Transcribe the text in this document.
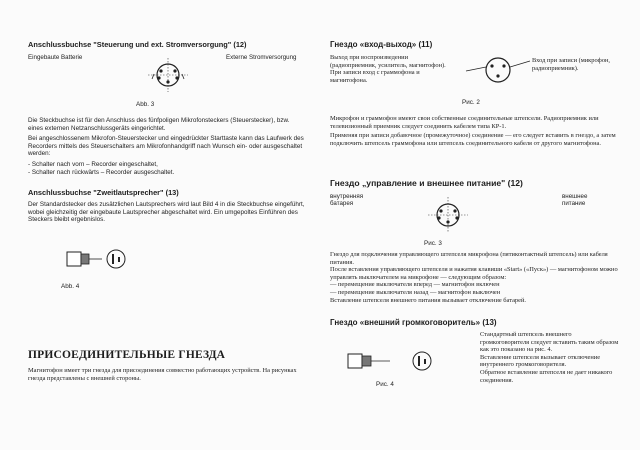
Anschlussbuchse "Steuerung und ext. Stromversorgung" (12)

Eingebaute Batterie	Externe Stromversorgung

Abb. 3

Die Steckbuchse ist für den Anschluss des fünfpoligen Mikrofonsteckers (Steuerstecker), bzw. eines externen Netzanschlussgeräts eingerichtet.

Bei angeschlossenem Mikrofon-Steuerstecker und eingedrückter Starttaste kann das Laufwerk des Recorders mittels des Steuerschalters am Mikrofonhandgriff nach Wunsch ein- oder ausgeschaltet werden:

- Schalter nach vorn – Recorder eingeschaltet,
- Schalter nach rückwärts – Recorder ausgeschaltet.

Anschlussbuchse "Zweitlautsprecher" (13)

Der Standardstecker des zusätzlichen Lautsprechers wird laut Bild 4 in die Steckbuchse eingeführt, wobei gleichzeitig der eingebaute Lautsprecher abgeschaltet wird. Ein umgepoltes Einführen des Steckers bleibt ergebnislos.

Abb. 4

ПРИСОЕДИНИТЕЛЬНЫЕ ГНЕЗДА

Магнитофон имеет три гнезда для присоединения совместно работающих устройств. На рисунках гнезда представлены с внешней стороны.

Гнездо «вход-выход» (11)

Выход при воспроизведении (радиоприемник, усилитель, магнитофон). При записи вход с граммофона и магнитофона.

Вход при записи (микрофон, радиоприемник).

Рис. 2

Микрофон и граммофон имеют свои собственные соединительные штепсели. Радиоприемник или телевизионный приемник следует соединить кабелем типа КР-1.

Применяя при записи добавочное (промежуточное) соединение — его следует вставить в гнездо, а затем подключить штепсель граммофона или штепсель соединительного кабеля от другого магнитофона.

Гнездо „управление и внешнее питание" (12)

внутренняя батарея

внешнее питание

Рис. 3

Гнездо для подключения управляющего штепселя микрофона (пятиконтактный штепсель) или кабеля питания.

После вставления управляющего штепселя и нажатия клавиши «Start» («Пуск») — магнитофоном можно управлять выключателем на микрофоне — следующим образом:

— перемещение выключателя вперед — магнитофон включен
— перемещение выключателя назад — магнитофон выключен

Вставление штепселя внешнего питания вызывает отключение батарей.

Гнездо «внешний громкоговоритель» (13)

Рис. 4

Стандартный штепсель внешнего громкоговорителя следует вставить таким образом как это показано на рис. 4.

Вставление штепселя вызывает отключение внутреннего громкоговорителя.

Обратное вставление штепселя не дает никакого соединения.
